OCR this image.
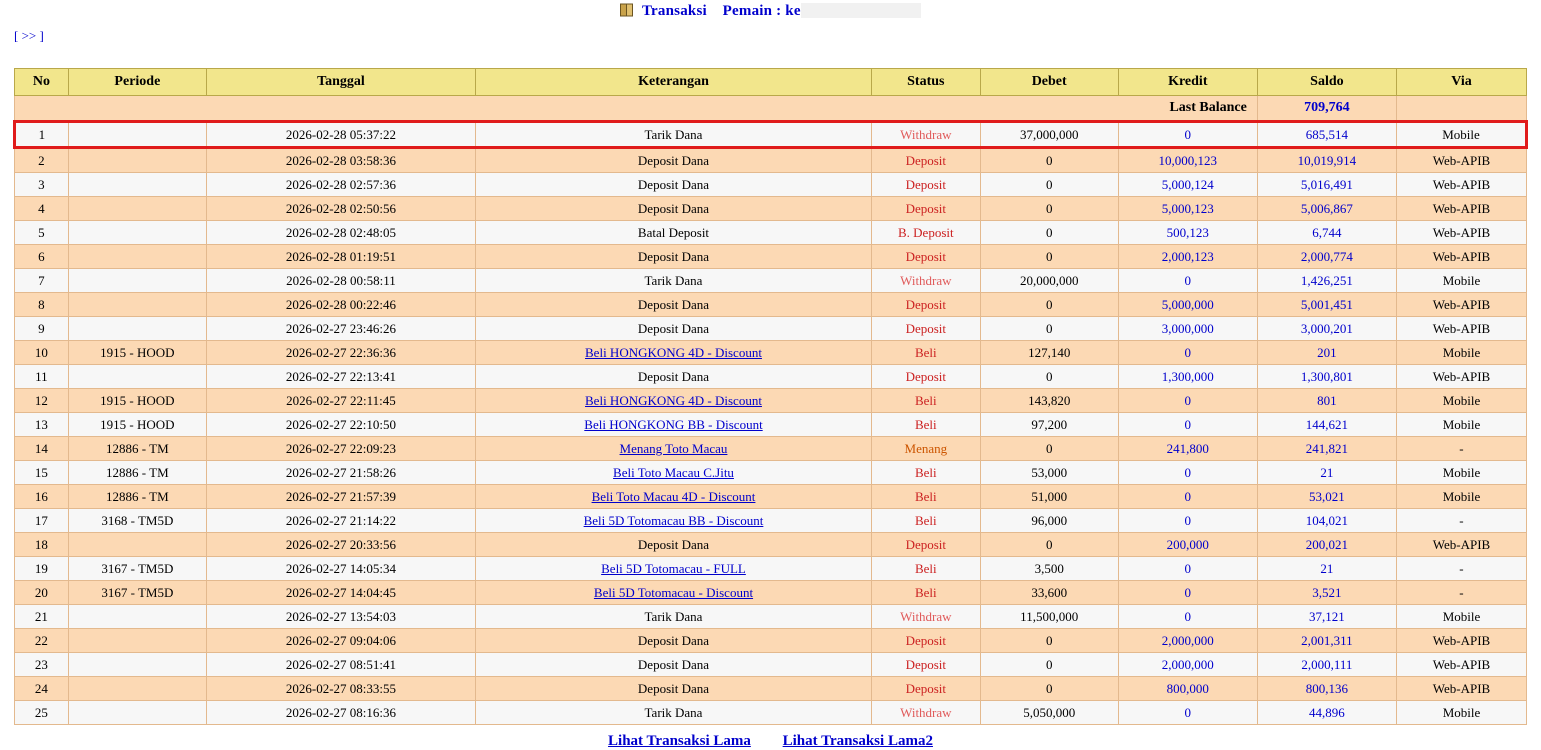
Transaksi Pemain : ke
[ >> ]
No	Periode	Tanggal	Keterangan	Status	Debet	Kredit	Saldo	Via
Last Balance							709,764	
1		2026-02-28 05:37:22	Tarik Dana	Withdraw	37,000,000	0	685,514	Mobile
2		2026-02-28 03:58:36	Deposit Dana	Deposit	0	10,000,123	10,019,914	Web-APIB
3		2026-02-28 02:57:36	Deposit Dana	Deposit	0	5,000,124	5,016,491	Web-APIB
4		2026-02-28 02:50:56	Deposit Dana	Deposit	0	5,000,123	5,006,867	Web-APIB
5		2026-02-28 02:48:05	Batal Deposit	B. Deposit	0	500,123	6,744	Web-APIB
6		2026-02-28 01:19:51	Deposit Dana	Deposit	0	2,000,123	2,000,774	Web-APIB
7		2026-02-28 00:58:11	Tarik Dana	Withdraw	20,000,000	0	1,426,251	Mobile
8		2026-02-28 00:22:46	Deposit Dana	Deposit	0	5,000,000	5,001,451	Web-APIB
9		2026-02-27 23:46:26	Deposit Dana	Deposit	0	3,000,000	3,000,201	Web-APIB
10	1915 - HOOD	2026-02-27 22:36:36	Beli HONGKONG 4D - Discount	Beli	127,140	0	201	Mobile
11		2026-02-27 22:13:41	Deposit Dana	Deposit	0	1,300,000	1,300,801	Web-APIB
12	1915 - HOOD	2026-02-27 22:11:45	Beli HONGKONG 4D - Discount	Beli	143,820	0	801	Mobile
13	1915 - HOOD	2026-02-27 22:10:50	Beli HONGKONG BB - Discount	Beli	97,200	0	144,621	Mobile
14	12886 - TM	2026-02-27 22:09:23	Menang Toto Macau	Menang	0	241,800	241,821	-
15	12886 - TM	2026-02-27 21:58:26	Beli Toto Macau C.Jitu	Beli	53,000	0	21	Mobile
16	12886 - TM	2026-02-27 21:57:39	Beli Toto Macau 4D - Discount	Beli	51,000	0	53,021	Mobile
17	3168 - TM5D	2026-02-27 21:14:22	Beli 5D Totomacau BB - Discount	Beli	96,000	0	104,021	-
18		2026-02-27 20:33:56	Deposit Dana	Deposit	0	200,000	200,021	Web-APIB
19	3167 - TM5D	2026-02-27 14:05:34	Beli 5D Totomacau - FULL	Beli	3,500	0	21	-
20	3167 - TM5D	2026-02-27 14:04:45	Beli 5D Totomacau - Discount	Beli	33,600	0	3,521	-
21		2026-02-27 13:54:03	Tarik Dana	Withdraw	11,500,000	0	37,121	Mobile
22		2026-02-27 09:04:06	Deposit Dana	Deposit	0	2,000,000	2,001,311	Web-APIB
23		2026-02-27 08:51:41	Deposit Dana	Deposit	0	2,000,000	2,000,111	Web-APIB
24		2026-02-27 08:33:55	Deposit Dana	Deposit	0	800,000	800,136	Web-APIB
25		2026-02-27 08:16:36	Tarik Dana	Withdraw	5,050,000	0	44,896	Mobile
Lihat Transaksi Lama Lihat Transaksi Lama2
